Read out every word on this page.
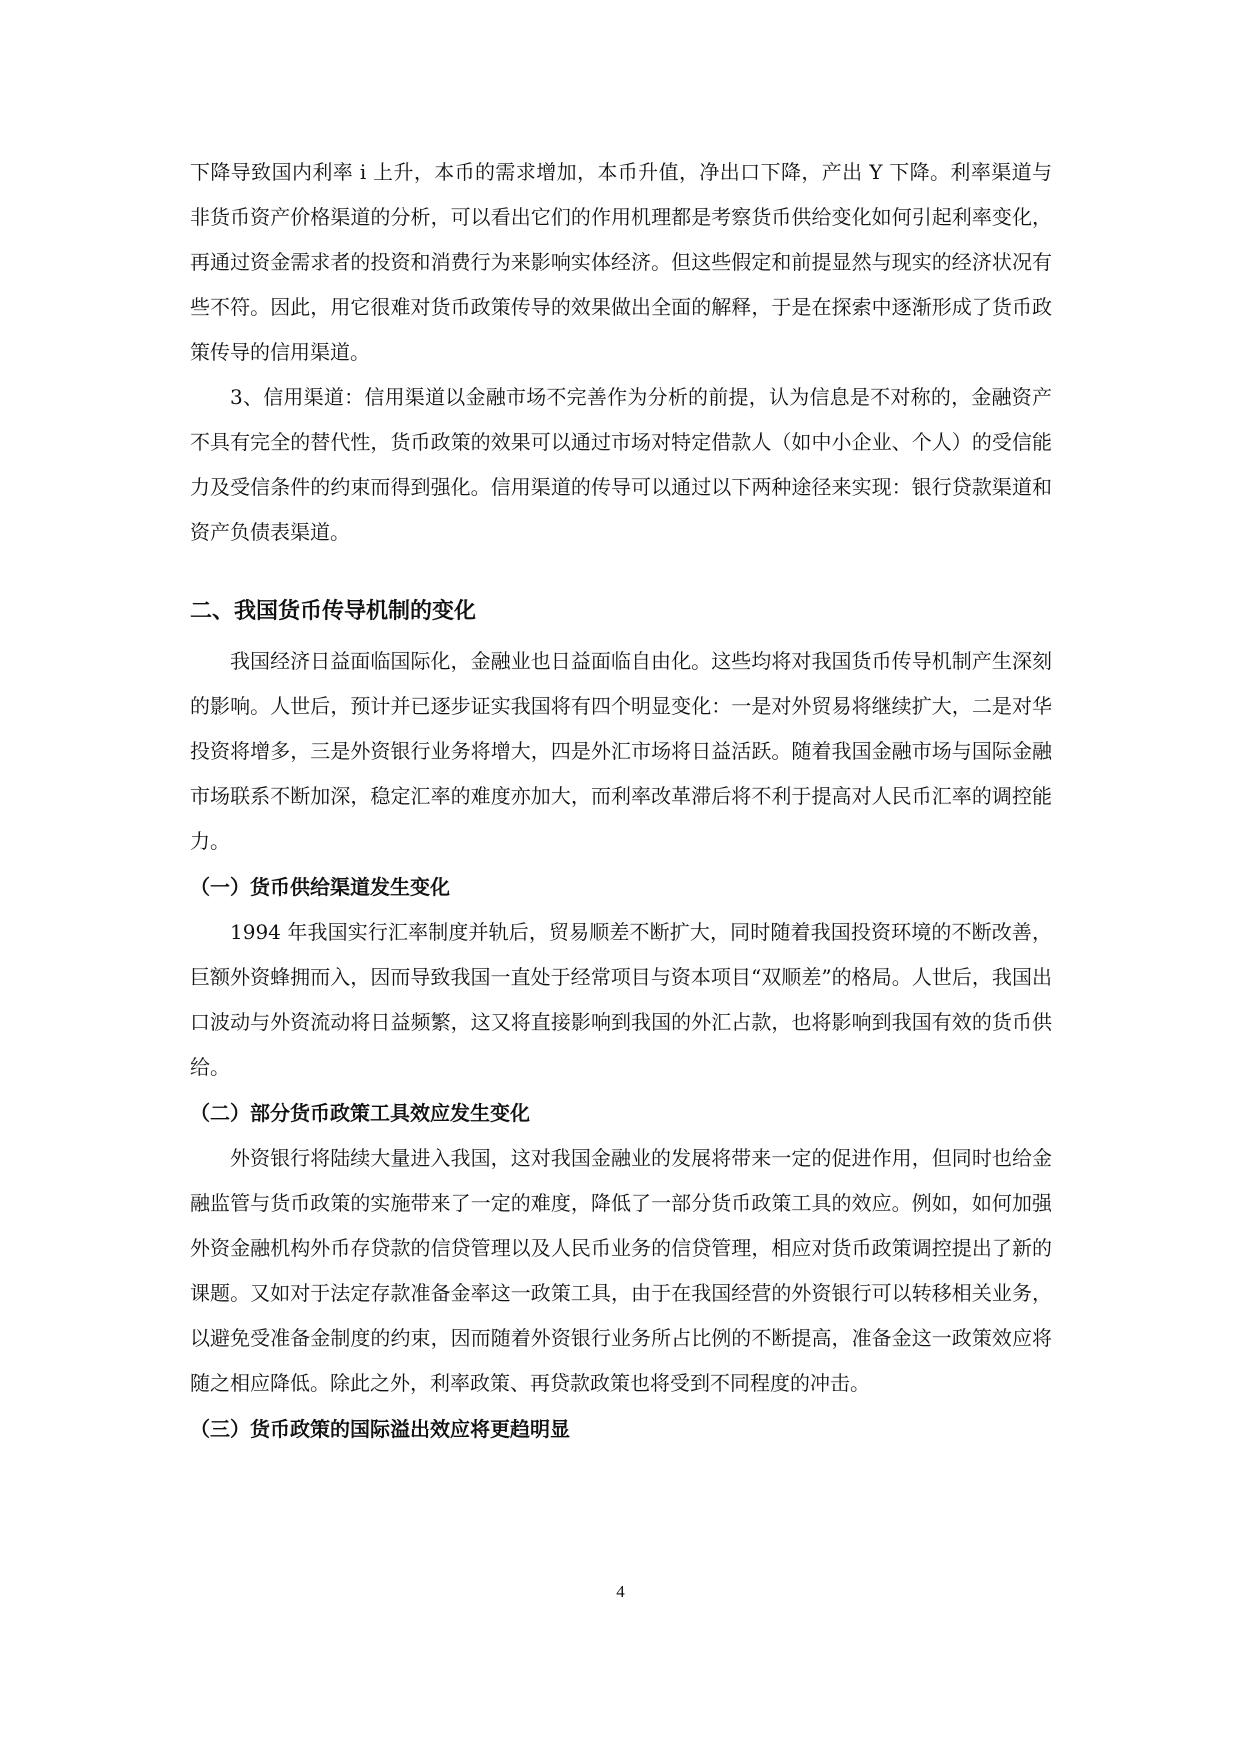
下降导致国内利率 i 上升，本币的需求增加，本币升值，净出口下降，产出 Y 下降。利率渠道与非货币资产价格渠道的分析，可以看出它们的作用机理都是考察货币供给变化如何引起利率变化，再通过资金需求者的投资和消费行为来影响实体经济。但这些假定和前提显然与现实的经济状况有些不符。因此，用它很难对货币政策传导的效果做出全面的解释，于是在探索中逐渐形成了货币政策传导的信用渠道。

3、信用渠道：信用渠道以金融市场不完善作为分析的前提，认为信息是不对称的，金融资产不具有完全的替代性，货币政策的效果可以通过市场对特定借款人（如中小企业、个人）的受信能力及受信条件的约束而得到强化。信用渠道的传导可以通过以下两种途径来实现：银行贷款渠道和资产负债表渠道。

二、我国货币传导机制的变化

我国经济日益面临国际化，金融业也日益面临自由化。这些均将对我国货币传导机制产生深刻的影响。人世后，预计并已逐步证实我国将有四个明显变化：一是对外贸易将继续扩大，二是对华投资将增多，三是外资银行业务将增大，四是外汇市场将日益活跃。随着我国金融市场与国际金融市场联系不断加深，稳定汇率的难度亦加大，而利率改革滞后将不利于提高对人民币汇率的调控能力。

（一）货币供给渠道发生变化

1994 年我国实行汇率制度并轨后，贸易顺差不断扩大，同时随着我国投资环境的不断改善，巨额外资蜂拥而入，因而导致我国一直处于经常项目与资本项目“双顺差”的格局。人世后，我国出口波动与外资流动将日益频繁，这又将直接影响到我国的外汇占款，也将影响到我国有效的货币供给。

（二）部分货币政策工具效应发生变化

外资银行将陆续大量进入我国，这对我国金融业的发展将带来一定的促进作用，但同时也给金融监管与货币政策的实施带来了一定的难度，降低了一部分货币政策工具的效应。例如，如何加强外资金融机构外币存贷款的信贷管理以及人民币业务的信贷管理，相应对货币政策调控提出了新的课题。又如对于法定存款准备金率这一政策工具，由于在我国经营的外资银行可以转移相关业务，以避免受准备金制度的约束，因而随着外资银行业务所占比例的不断提高，准备金这一政策效应将随之相应降低。除此之外，利率政策、再贷款政策也将受到不同程度的冲击。

（三）货币政策的国际溢出效应将更趋明显
4
